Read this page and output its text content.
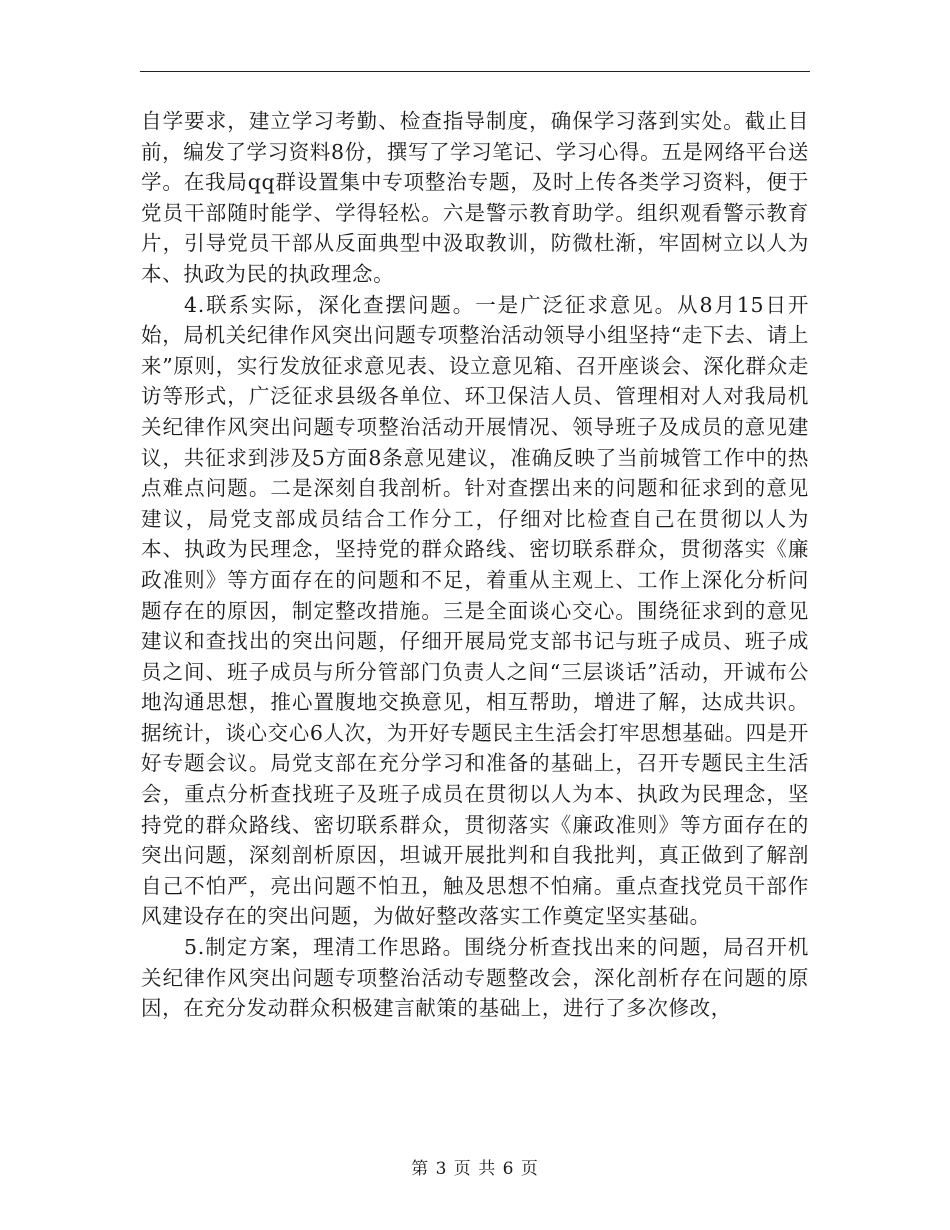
自学要求，建立学习考勤、检查指导制度，确保学习落到实处。截止目前，编发了学习资料8份，撰写了学习笔记、学习心得。五是网络平台送学。在我局qq群设置集中专项整治专题，及时上传各类学习资料，便于党员干部随时能学、学得轻松。六是警示教育助学。组织观看警示教育片，引导党员干部从反面典型中汲取教训，防微杜渐，牢固树立以人为本、执政为民的执政理念。

4.联系实际，深化查摆问题。一是广泛征求意见。从8月15日开始，局机关纪律作风突出问题专项整治活动领导小组坚持“走下去、请上来”原则，实行发放征求意见表、设立意见箱、召开座谈会、深化群众走访等形式，广泛征求县级各单位、环卫保洁人员、管理相对人对我局机关纪律作风突出问题专项整治活动开展情况、领导班子及成员的意见建议，共征求到涉及5方面8条意见建议，准确反映了当前城管工作中的热点难点问题。二是深刻自我剖析。针对查摆出来的问题和征求到的意见建议，局党支部成员结合工作分工，仔细对比检查自己在贯彻以人为本、执政为民理念，坚持党的群众路线、密切联系群众，贯彻落实《廉政准则》等方面存在的问题和不足，着重从主观上、工作上深化分析问题存在的原因，制定整改措施。三是全面谈心交心。围绕征求到的意见建议和查找出的突出问题，仔细开展局党支部书记与班子成员、班子成员之间、班子成员与所分管部门负责人之间“三层谈话”活动，开诚布公地沟通思想，推心置腹地交换意见，相互帮助，增进了解，达成共识。据统计，谈心交心6人次，为开好专题民主生活会打牢思想基础。四是开好专题会议。局党支部在充分学习和准备的基础上，召开专题民主生活会，重点分析查找班子及班子成员在贯彻以人为本、执政为民理念，坚持党的群众路线、密切联系群众，贯彻落实《廉政准则》等方面存在的突出问题，深刻剖析原因，坦诚开展批判和自我批判，真正做到了解剖自己不怕严，亮出问题不怕丑，触及思想不怕痛。重点查找党员干部作风建设存在的突出问题，为做好整改落实工作奠定坚实基础。

5.制定方案，理清工作思路。围绕分析查找出来的问题，局召开机关纪律作风突出问题专项整治活动专题整改会，深化剖析存在问题的原因，在充分发动群众积极建言献策的基础上，进行了多次修改，

第 3 页 共 6 页
